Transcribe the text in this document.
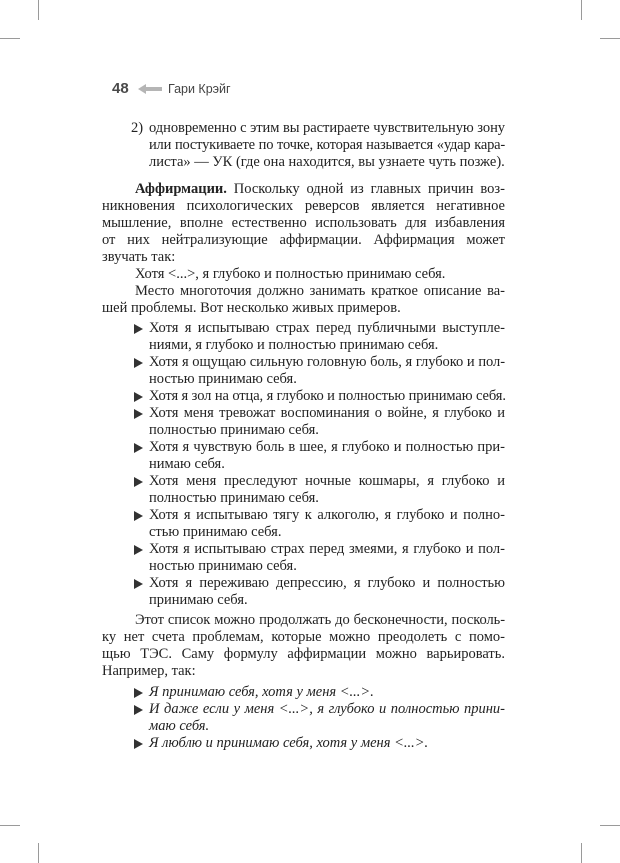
48	Гари Крэйг
одновременно с этим вы растираете чувствительную зону
или постукиваете по точке, которая называется «удар кара-
листа» — УК (где она находится, вы узнаете чуть позже).
2)
Аффирмации. Поскольку одной из главных причин воз-
никновения психологических реверсов является негативное
мышление, вполне естественно использовать для избавления
от них нейтрализующие аффирмации. Аффирмация может
звучать так:
Хотя <...>, я глубоко и полностью принимаю себя.
Место многоточия должно занимать краткое описание ва-
шей проблемы. Вот несколько живых примеров.
Хотя я испытываю страх перед публичными выступле-
ниями, я глубоко и полностью принимаю себя.
Хотя я ощущаю сильную головную боль, я глубоко и пол-
ностью принимаю себя.
Хотя я зол на отца, я глубоко и полностью принимаю себя.
Хотя меня тревожат воспоминания о войне, я глубоко и
полностью принимаю себя.
Хотя я чувствую боль в шее, я глубоко и полностью при-
нимаю себя.
Хотя меня преследуют ночные кошмары, я глубоко и
полностью принимаю себя.
Хотя я испытываю тягу к алкоголю, я глубоко и полно-
стью принимаю себя.
Хотя я испытываю страх перед змеями, я глубоко и пол-
ностью принимаю себя.
Хотя я переживаю депрессию, я глубоко и полностью
принимаю себя.
Этот список можно продолжать до бесконечности, посколь-
ку нет счета проблемам, которые можно преодолеть с помо-
щью ТЭС. Саму формулу аффирмации можно варьировать.
Например, так:
Я принимаю себя, хотя у меня <...>.
И даже если у меня <...>, я глубоко и полностью прини-
маю себя.
Я люблю и принимаю себя, хотя у меня <...>.
